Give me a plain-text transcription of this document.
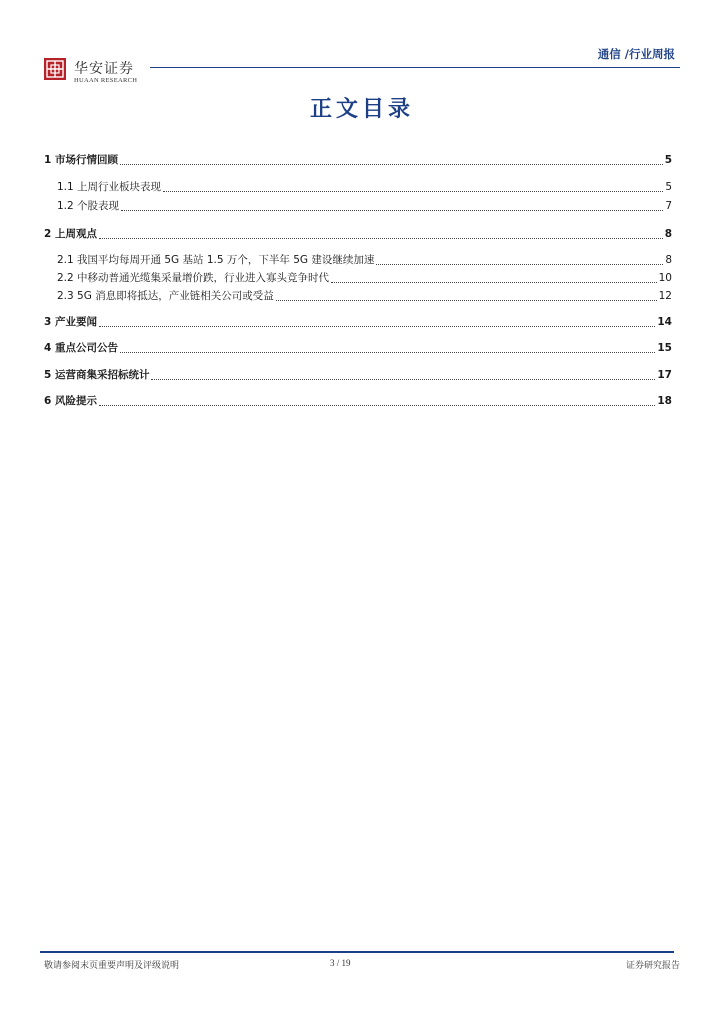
华安证券
HUAAN RESEARCH
通信 /行业周报
正文目录
1 市场行情回顾	5
1.1 上周行业板块表现	5
1.2 个股表现	7
2 上周观点	8
2.1 我国平均每周开通 5G 基站 1.5 万个，下半年 5G 建设继续加速	8
2.2 中移动普通光缆集采量增价跌，行业进入寡头竞争时代	10
2.3 5G 消息即将抵达，产业链相关公司或受益	12
3 产业要闻	14
4 重点公司公告	15
5 运营商集采招标统计	17
6 风险提示	18
敬请参阅末页重要声明及评级说明	3 / 19	证券研究报告
